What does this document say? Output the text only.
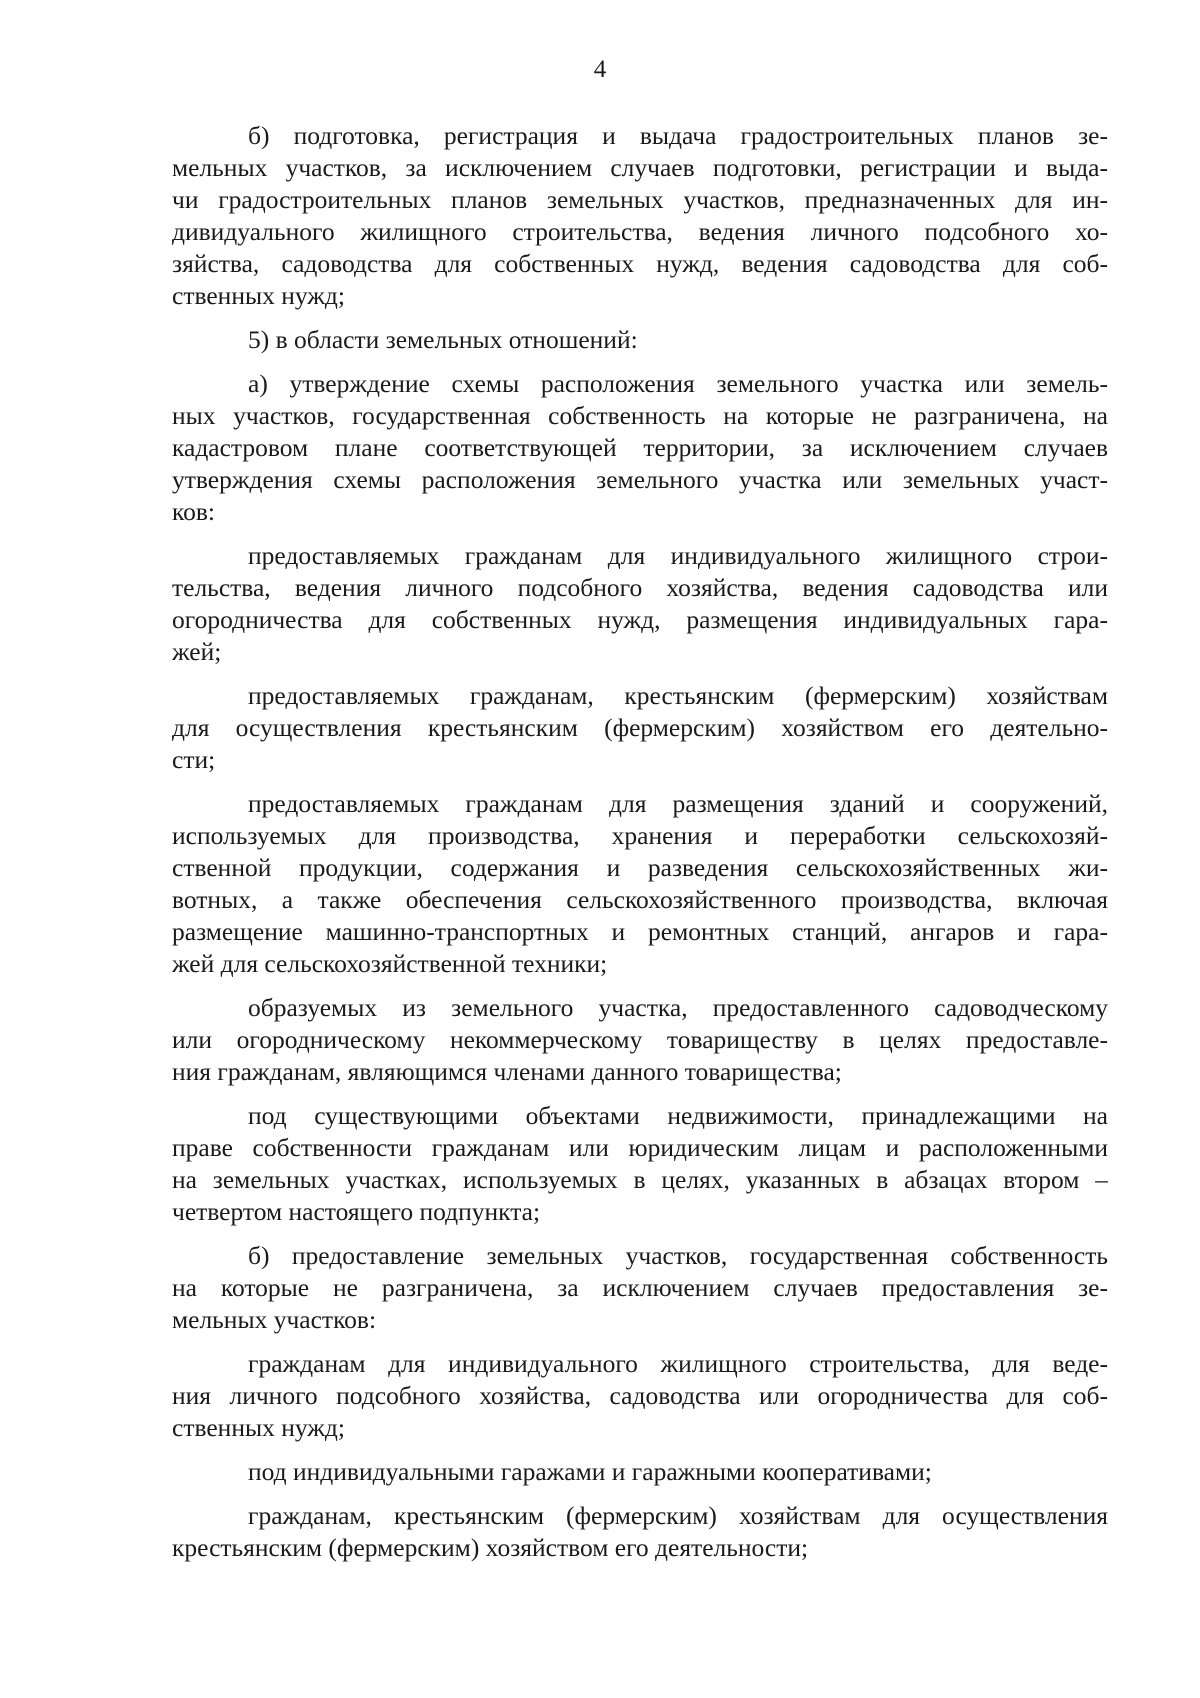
4
б) подготовка, регистрация и выдача градостроительных планов зе-
мельных участков, за исключением случаев подготовки, регистрации и выда-
чи градостроительных планов земельных участков, предназначенных для ин-
дивидуального жилищного строительства, ведения личного подсобного хо-
зяйства, садоводства для собственных нужд, ведения садоводства для соб-
ственных нужд;
5) в области земельных отношений:
а) утверждение схемы расположения земельного участка или земель-
ных участков, государственная собственность на которые не разграничена, на
кадастровом плане соответствующей территории, за исключением случаев
утверждения схемы расположения земельного участка или земельных участ-
ков:
предоставляемых гражданам для индивидуального жилищного строи-
тельства, ведения личного подсобного хозяйства, ведения садоводства или
огородничества для собственных нужд, размещения индивидуальных гара-
жей;
предоставляемых гражданам, крестьянским (фермерским) хозяйствам
для осуществления крестьянским (фермерским) хозяйством его деятельно-
сти;
предоставляемых гражданам для размещения зданий и сооружений,
используемых для производства, хранения и переработки сельскохозяй-
ственной продукции, содержания и разведения сельскохозяйственных жи-
вотных, а также обеспечения сельскохозяйственного производства, включая
размещение машинно-транспортных и ремонтных станций, ангаров и гара-
жей для сельскохозяйственной техники;
образуемых из земельного участка, предоставленного садоводческому
или огородническому некоммерческому товариществу в целях предоставле-
ния гражданам, являющимся членами данного товарищества;
под существующими объектами недвижимости, принадлежащими на
праве собственности гражданам или юридическим лицам и расположенными
на земельных участках, используемых в целях, указанных в абзацах втором –
четвертом настоящего подпункта;
б) предоставление земельных участков, государственная собственность
на которые не разграничена, за исключением случаев предоставления зе-
мельных участков:
гражданам для индивидуального жилищного строительства, для веде-
ния личного подсобного хозяйства, садоводства или огородничества для соб-
ственных нужд;
под индивидуальными гаражами и гаражными кооперативами;
гражданам, крестьянским (фермерским) хозяйствам для осуществления
крестьянским (фермерским) хозяйством его деятельности;
